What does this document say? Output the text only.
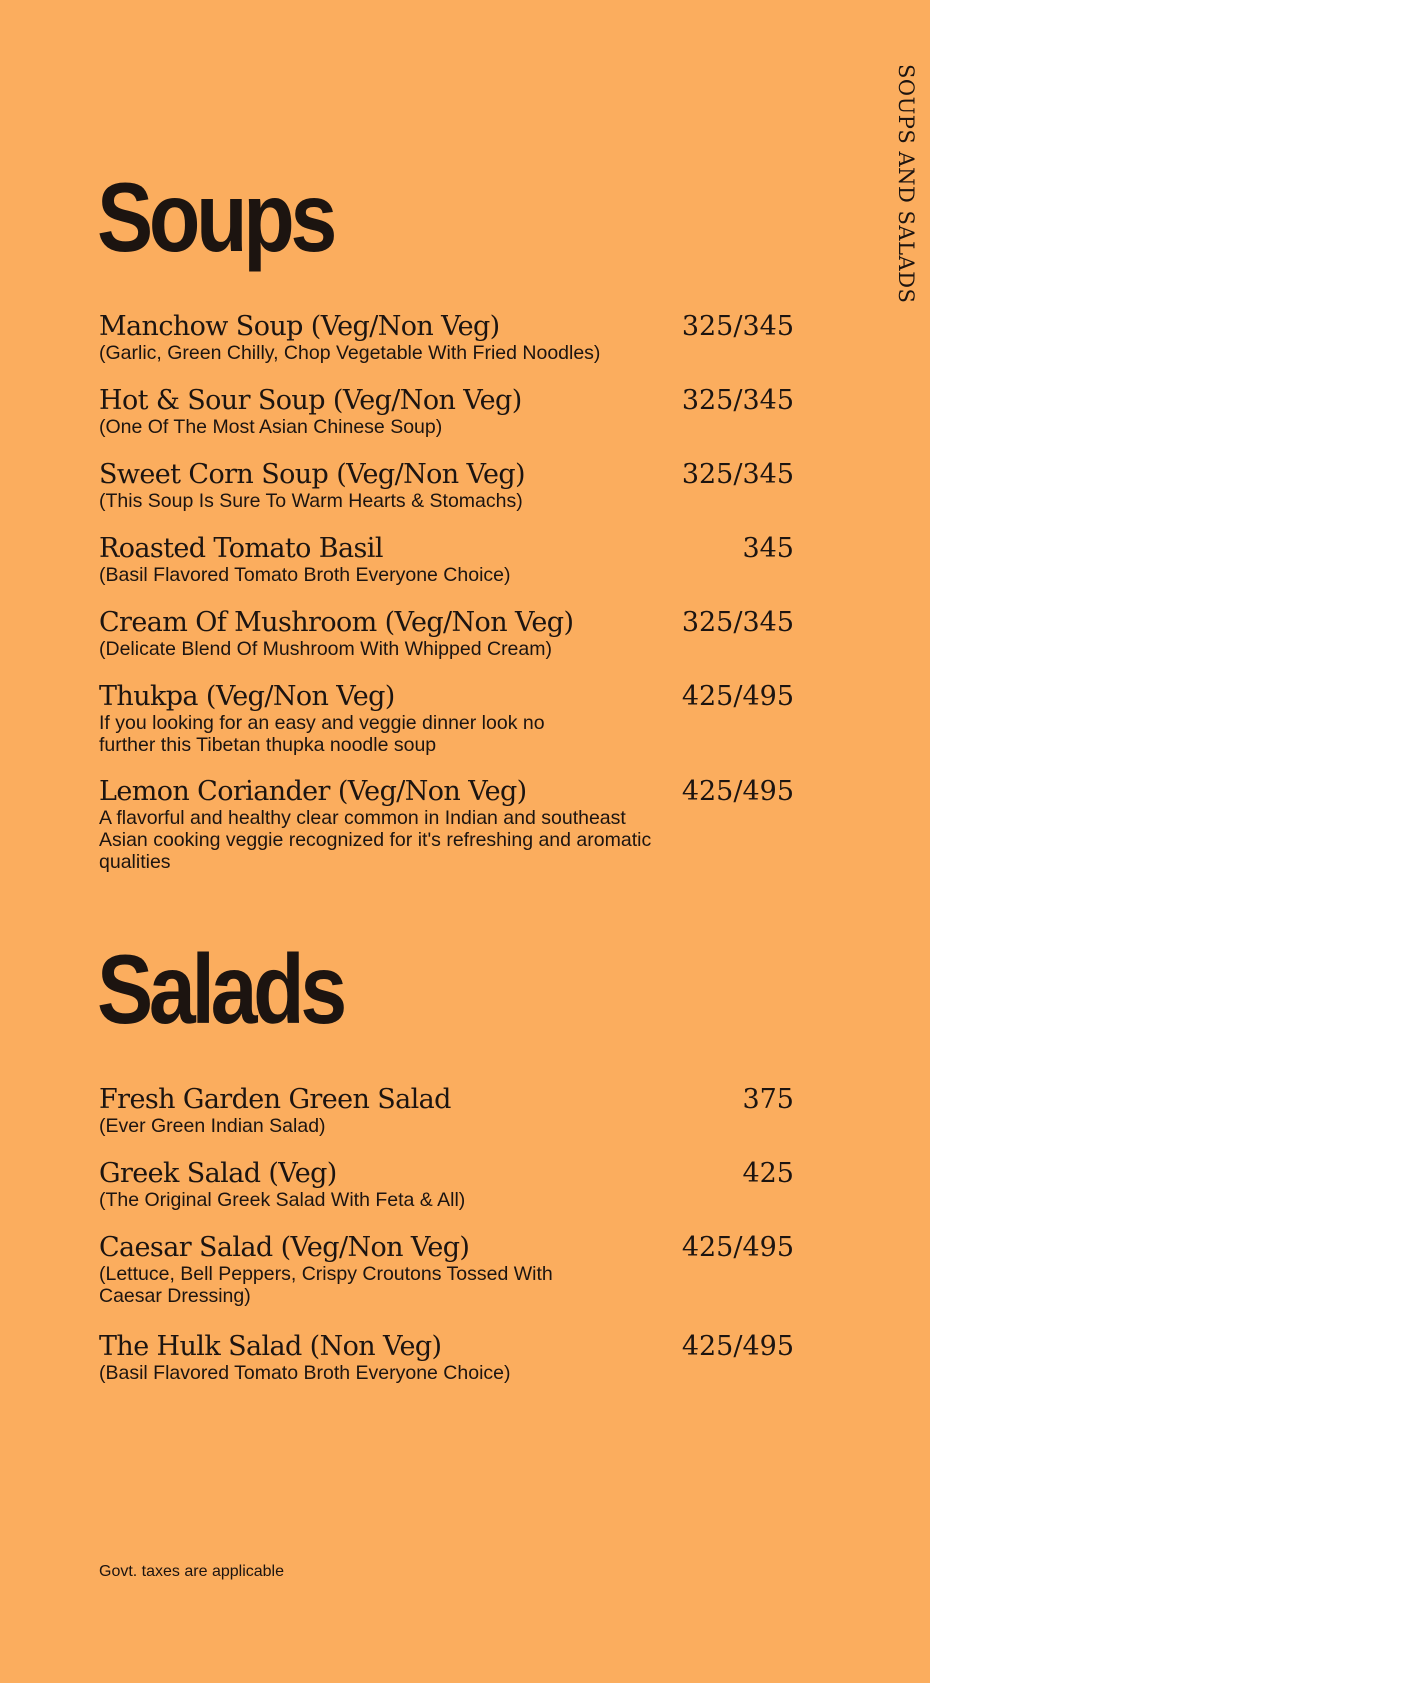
SOUPS AND SALADS
Soups
Manchow Soup (Veg/Non Veg)	325/345
(Garlic, Green Chilly, Chop Vegetable With Fried Noodles)
Hot & Sour Soup (Veg/Non Veg)	325/345
(One Of The Most Asian Chinese Soup)
Sweet Corn Soup (Veg/Non Veg)	325/345
(This Soup Is Sure To Warm Hearts & Stomachs)
Roasted Tomato Basil	345
(Basil Flavored Tomato Broth Everyone Choice)
Cream Of Mushroom (Veg/Non Veg)	325/345
(Delicate Blend Of Mushroom With Whipped Cream)
Thukpa (Veg/Non Veg)	425/495
If you looking for an easy and veggie dinner look no further this Tibetan thupka noodle soup
Lemon Coriander (Veg/Non Veg)	425/495
A flavorful and healthy clear common in Indian and southeast Asian cooking veggie recognized for it's refreshing and aromatic qualities
Salads
Fresh Garden Green Salad	375
(Ever Green Indian Salad)
Greek Salad (Veg)	425
(The Original Greek Salad With Feta & All)
Caesar Salad (Veg/Non Veg)	425/495
(Lettuce, Bell Peppers, Crispy Croutons Tossed With Caesar Dressing)
The Hulk Salad (Non Veg)	425/495
(Basil Flavored Tomato Broth Everyone Choice)
Govt. taxes are applicable
